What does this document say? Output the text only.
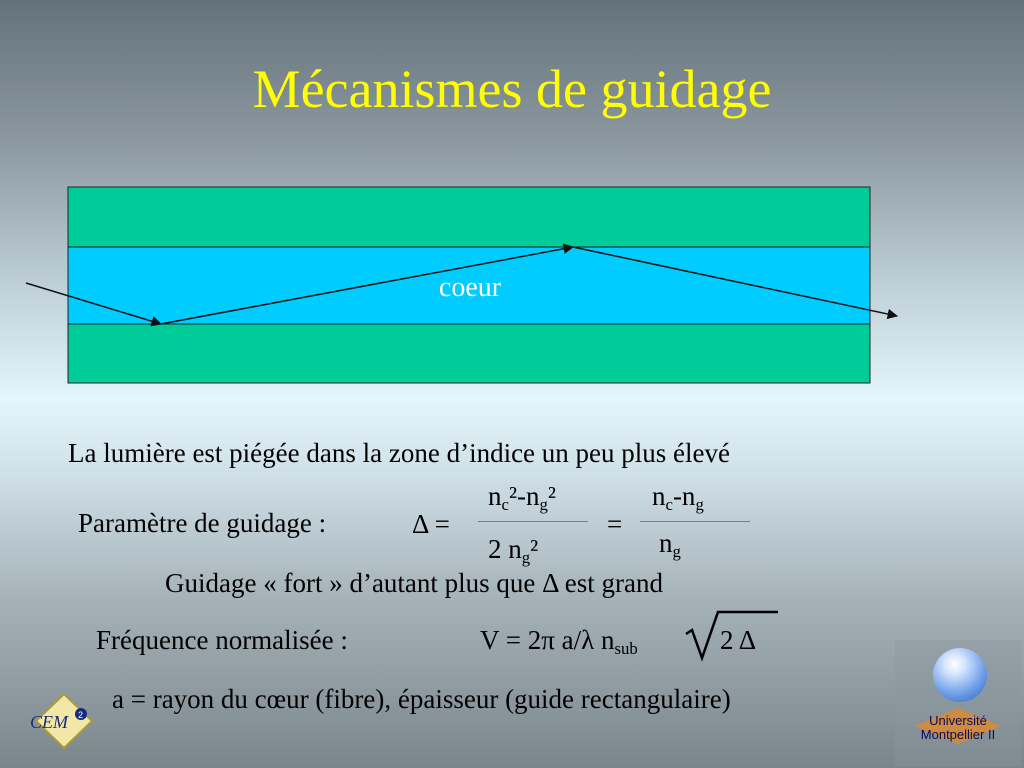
Mécanismes de guidage
coeur
La lumière est piégée dans la zone d’indice un peu plus élevé
Paramètre de guidage :	Δ =
$n_c^2-n_g^2$
2 $n_g^2$
=
$n_c-n_g$
$n_g$
Guidage « fort » d’autant plus que Δ est grand
Fréquence normalisée :	V = 2π a/λ $n_{sub}$	2 Δ
a = rayon du cœur (fibre), épaisseur (guide rectangulaire)
CEM 2	Université
Montpellier II
